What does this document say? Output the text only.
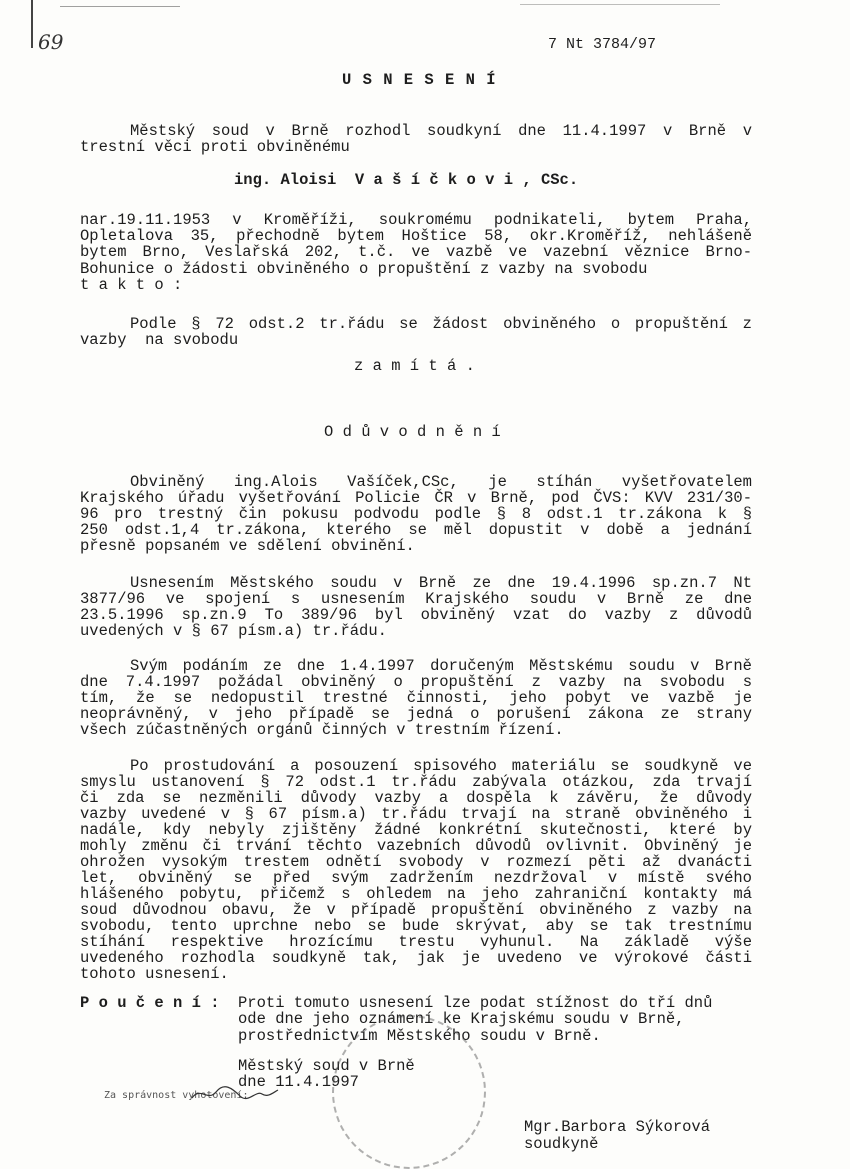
69	7 Nt 3784/97
U S N E S E N Í
Městský soud v Brně rozhodl soudkyní dne 11.4.1997 v Brně v
trestní věci proti obviněnému
ing. Aloisi  V a š í č k o v i , CSc.
nar.19.11.1953 v Kroměříži, soukromému podnikateli, bytem Praha,
Opletalova 35, přechodně bytem Hoštice 58, okr.Kroměříž, nehlášeně
bytem Brno, Veslařská 202, t.č. ve vazbě ve vazební věznice Brno-
Bohunice o žádosti obviněného o propuštění z vazby na svobodu
t a k t o :
Podle § 72 odst.2 tr.řádu se žádost obviněného o propuštění z
vazby  na svobodu
z a m í t á .
O d ů v o d n ě n í
Obviněný  ing.Alois  Vašíček,CSc,  je  stíhán  vyšetřovatelem
Krajského úřadu vyšetřování Policie ČR v Brně, pod ČVS: KVV 231/30-
96 pro trestný čin pokusu podvodu podle § 8 odst.1 tr.zákona k §
250 odst.1,4 tr.zákona, kterého se měl dopustit v době a jednání
přesně popsaném ve sdělení obvinění.
Usnesením Městského soudu v Brně ze dne 19.4.1996 sp.zn.7 Nt
3877/96 ve spojení s usnesením Krajského soudu v Brně ze dne
23.5.1996 sp.zn.9 To 389/96 byl obviněný vzat do vazby z důvodů
uvedených v § 67 písm.a) tr.řádu.
Svým podáním ze dne 1.4.1997 doručeným Městskému soudu v Brně
dne 7.4.1997 požádal obviněný o propuštění z vazby na svobodu s
tím, že se nedopustil trestné činnosti, jeho pobyt ve vazbě je
neoprávněný, v jeho případě se jedná o porušení zákona ze strany
všech zúčastněných orgánů činných v trestním řízení.
Po prostudování a posouzení spisového materiálu se soudkyně ve
smyslu ustanovení § 72 odst.1 tr.řádu zabývala otázkou, zda trvají
či zda se nezměnili důvody vazby a dospěla k závěru, že důvody
vazby uvedené v § 67 písm.a) tr.řádu trvají na straně obviněného i
nadále, kdy nebyly zjištěny žádné konkrétní skutečnosti, které by
mohly změnu či trvání těchto vazebních důvodů ovlivnit. Obviněný je
ohrožen vysokým trestem odnětí svobody v rozmezí pěti až dvanácti
let, obviněný se před svým zadržením nezdržoval v místě svého
hlášeného pobytu, přičemž s ohledem na jeho zahraniční kontakty má
soud důvodnou obavu, že v případě propuštění obviněného z vazby na
svobodu, tento uprchne nebo se bude skrývat, aby se tak trestnímu
stíhání  respektive  hrozícímu  trestu  vyhunul.  Na  základě  výše
uvedeného rozhodla soudkyně tak, jak je uvedeno ve výrokové části
tohoto usnesení.
P o u č e n í : Proti tomuto usnesení lze podat stížnost do tří dnů
ode dne jeho oznámení ke Krajskému soudu v Brně,
prostřednictvím Městského soudu v Brně.
Městský soud v Brně
dne 11.4.1997
Za správnost vyhotovení:
Mgr.Barbora Sýkorová
soudkyně
